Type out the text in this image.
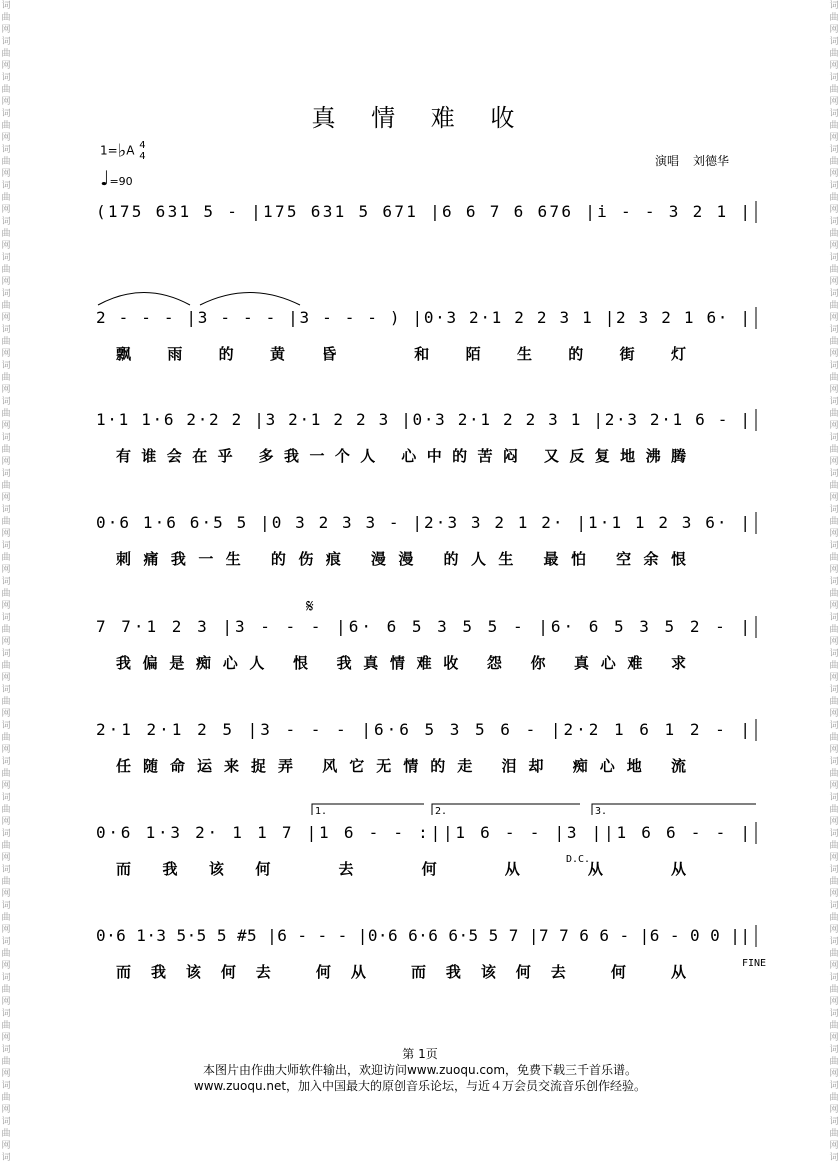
词
曲
网
词
曲
网
词
曲
网
词
曲
网
词
曲
网
词
曲
网
词
曲
网
词
曲
网
词
曲
网
词
曲
网
词
曲
网
词
曲
网
词
曲
网
词
曲
网
词
曲
网
词
曲
网
词
曲
网
词
曲
网
词
曲
网
词
曲
网
词
曲
网
词
曲
网
词
曲
网
词
曲
网
词
曲
网
词
曲
网
词
曲
网
词
曲
网
词
曲
网
词
曲
网
词
曲
网
词
曲
网
词
词
曲
网
词
曲
网
词
曲
网
词
曲
网
词
曲
网
词
曲
网
词
曲
网
词
曲
网
词
曲
网
词
曲
网
词
曲
网
词
曲
网
词
曲
网
词
曲
网
词
曲
网
词
曲
网
词
曲
网
词
曲
网
词
曲
网
词
曲
网
词
曲
网
词
曲
网
词
曲
网
词
曲
网
词
曲
网
词
曲
网
词
曲
网
词
曲
网
词
曲
网
词
曲
网
词
曲
网
词
曲
网
词
真 情 难 收
1=♭A 4
4
♩=90
演唱 刘德华
(175 631 5 - |175 631 5 671 |6 6 7 6 676 |i - - 3 2 1 |
2 - - - |3 - - - |3 - - - ) |0·3 2·1 2 2 3 1 |2 3 2 1 6· |
飘雨的黄昏 和陌生的街灯
1·1 1·6 2·2 2 |3 2·1 2 2 3 |0·3 2·1 2 2 3 1 |2·3 2·1 6 - |
有谁会在乎 多我一个人 心中的苦闷 又反复地沸腾
0·6 1·6 6·5 5 |0 3 2 3 3 - |2·3 3 2 1 2· |1·1 1 2 3 6· |
刺痛我一生 的伤痕 漫漫 的人生 最怕 空余恨
7 7·1 2 3 |3 - - - |6· 6 5 3 5 5 - |6· 6 5 3 5 2 - |
我偏是痴心人 恨 我真情难收 怨 你 真心难 求
2·1 2·1 2 5 |3 - - - |6·6 5 3 5 6 - |2·2 1 6 1 2 - |
任随命运来捉弄 风它无情的走 泪却 痴心地 流
0·6 1·3 2· 1 1 7 |1 6 - - :||1 6 - - |3 ||1 6 6 - - |
而我该何 去 何 从 从 从
0·6 1·3 5·5 5 #5 |6 - - - |0·6 6·6 6·5 5 7 |7 7 6 6 - |6 - 0 0 ||
而我该何去 何从 而我该何去 何 从
1.	2.	3.
𝄋
D.C.
FINE
第 1页
本图片由作曲大师软件输出，欢迎访问www.zuoqu.com，免费下载三千首乐谱。
www.zuoqu.net，加入中国最大的原创音乐论坛，与近４万会员交流音乐创作经验。
